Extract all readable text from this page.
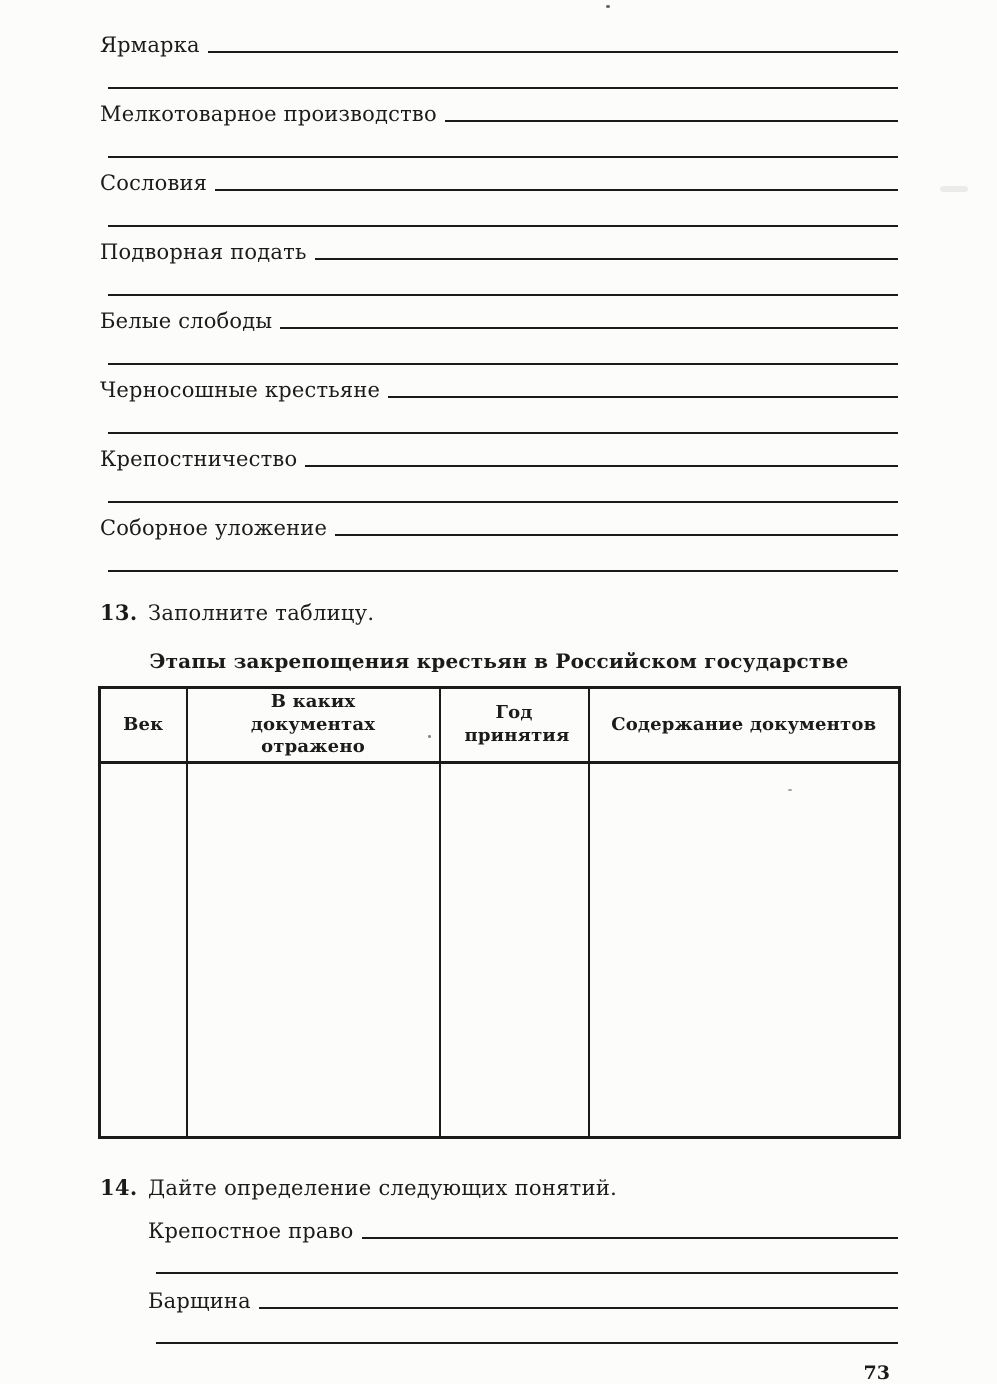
Ярмарка
Мелкотоварное производство
Сословия
Подворная подать
Белые слободы
Черносошные крестьяне
Крепостничество
Соборное уложение
13. Заполните таблицу.
Этапы закрепощения крестьян в Российском государстве
Век	В каких документах отражено	Год принятия	Содержание документов

14. Дайте определение следующих понятий.
Крепостное право
Барщина
73
